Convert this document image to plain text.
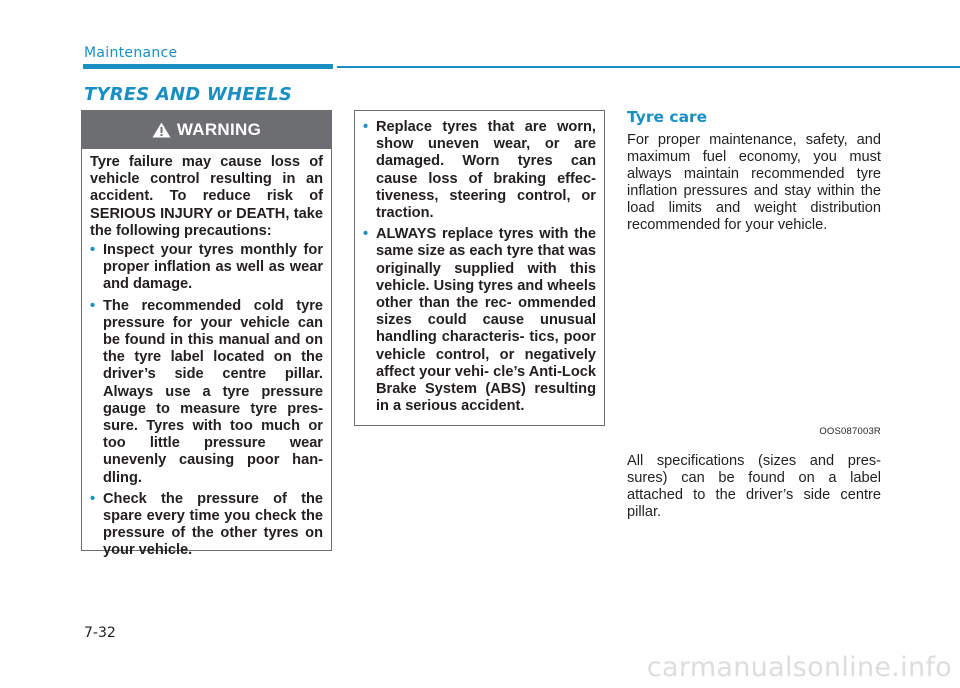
Maintenance
TYRES AND WHEELS
WARNING

Tyre failure may cause loss of vehicle control resulting in an accident. To reduce risk of SERIOUS INJURY or DEATH, take the following precautions:

• Inspect your tyres monthly for proper inflation as well as wear and damage.
• The recommended cold tyre pressure for your vehicle can be found in this manual and on the tyre label located on the driver’s side centre pillar. Always use a tyre pressure gauge to measure tyre pres- sure. Tyres with too much or too little pressure wear unevenly causing poor han- dling.
• Check the pressure of the spare every time you check the pressure of the other tyres on your vehicle.
• Replace tyres that are worn, show uneven wear, or are damaged. Worn tyres can cause loss of braking effec- tiveness, steering control, or traction.
• ALWAYS replace tyres with the same size as each tyre that was originally supplied with this vehicle. Using tyres and wheels other than the rec- ommended sizes could cause unusual handling characteris- tics, poor vehicle control, or negatively affect your vehi- cle’s Anti-Lock Brake System (ABS) resulting in a serious accident.
Tyre care

For proper maintenance, safety, and maximum fuel economy, you must always maintain recommended tyre inflation pressures and stay within the load limits and weight distribution recommended for your vehicle.

OOS087003R

All specifications (sizes and pres- sures) can be found on a label attached to the driver’s side centre pillar.

7-32
carmanualsonline.info
